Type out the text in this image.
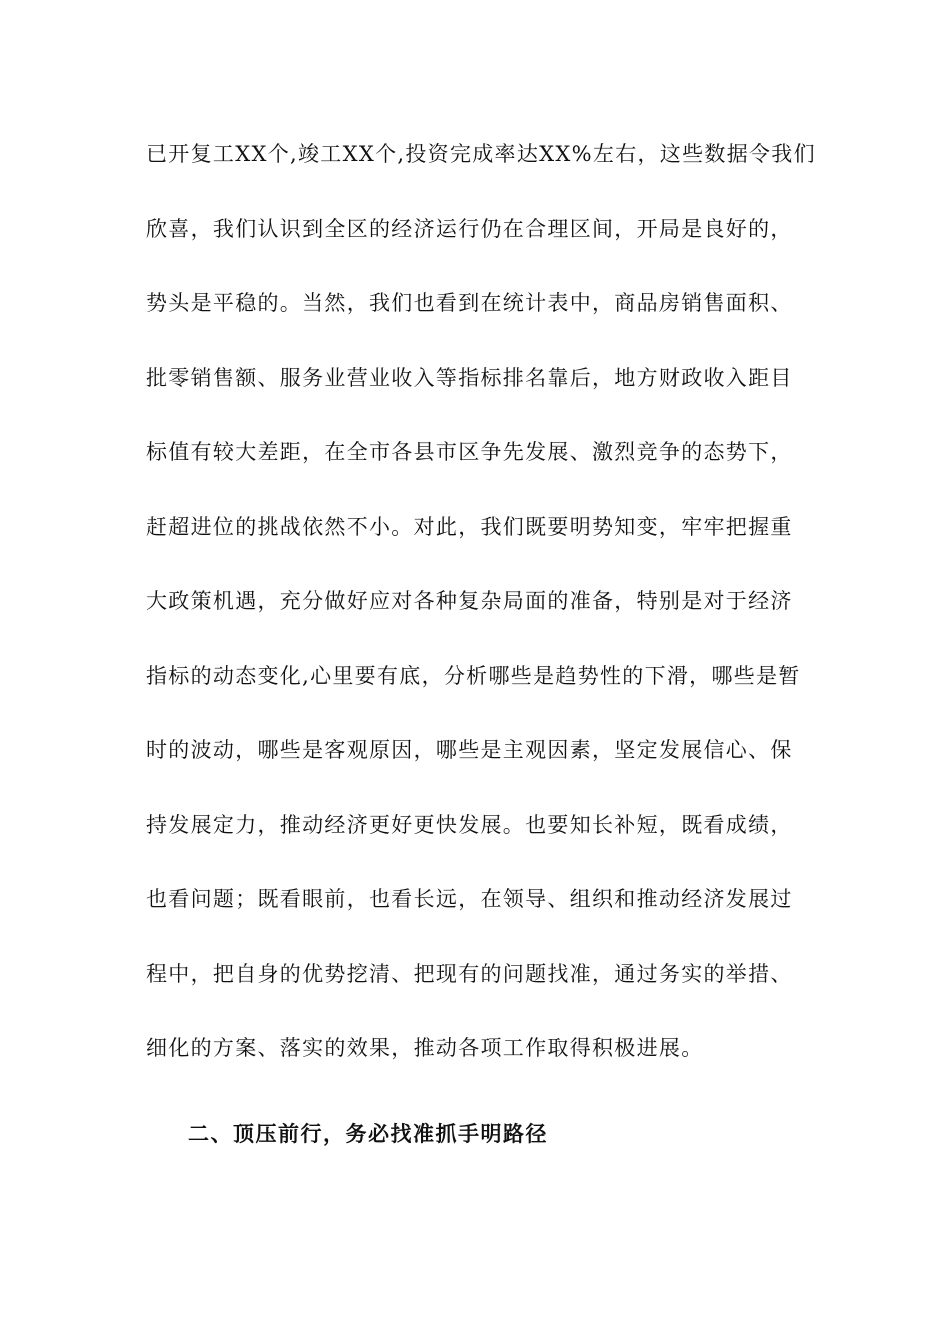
已开复工XX个,竣工XX个,投资完成率达XX%左右，这些数据令我们
欣喜，我们认识到全区的经济运行仍在合理区间，开局是良好的，
势头是平稳的。当然，我们也看到在统计表中，商品房销售面积、
批零销售额、服务业营业收入等指标排名靠后，地方财政收入距目
标值有较大差距，在全市各县市区争先发展、激烈竞争的态势下，
赶超进位的挑战依然不小。对此，我们既要明势知变，牢牢把握重
大政策机遇，充分做好应对各种复杂局面的准备，特别是对于经济
指标的动态变化,心里要有底，分析哪些是趋势性的下滑，哪些是暂
时的波动，哪些是客观原因，哪些是主观因素，坚定发展信心、保
持发展定力，推动经济更好更快发展。也要知长补短，既看成绩，
也看问题；既看眼前，也看长远，在领导、组织和推动经济发展过
程中，把自身的优势挖清、把现有的问题找准，通过务实的举措、
细化的方案、落实的效果，推动各项工作取得积极进展。
二、顶压前行，务必找准抓手明路径
